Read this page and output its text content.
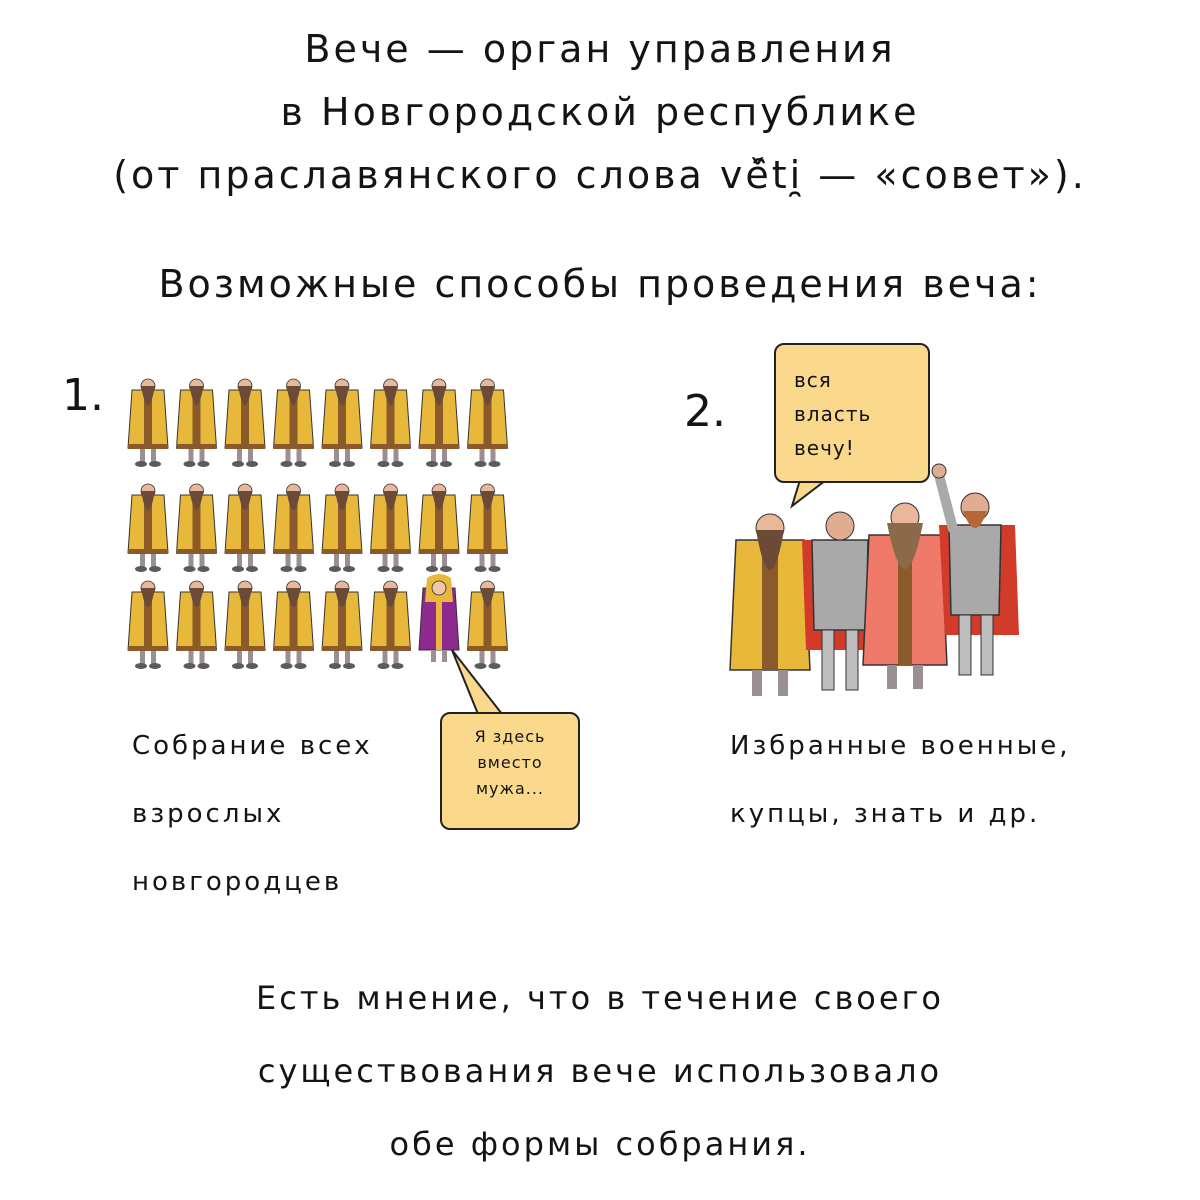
Вече — орган управления
в Новгородской республике
(от праславянского слова vě̑ti̯ — «совет»).
Возможные способы проведения веча:
1.	2.
Я здесь
вместо
мужа...
вся
власть
вечу!
Собрание всех
взрослых
новгородцев
Избранные военные,
купцы, знать и др.
Есть мнение, что в течение своего
существования вече использовало
обе формы собрания.
